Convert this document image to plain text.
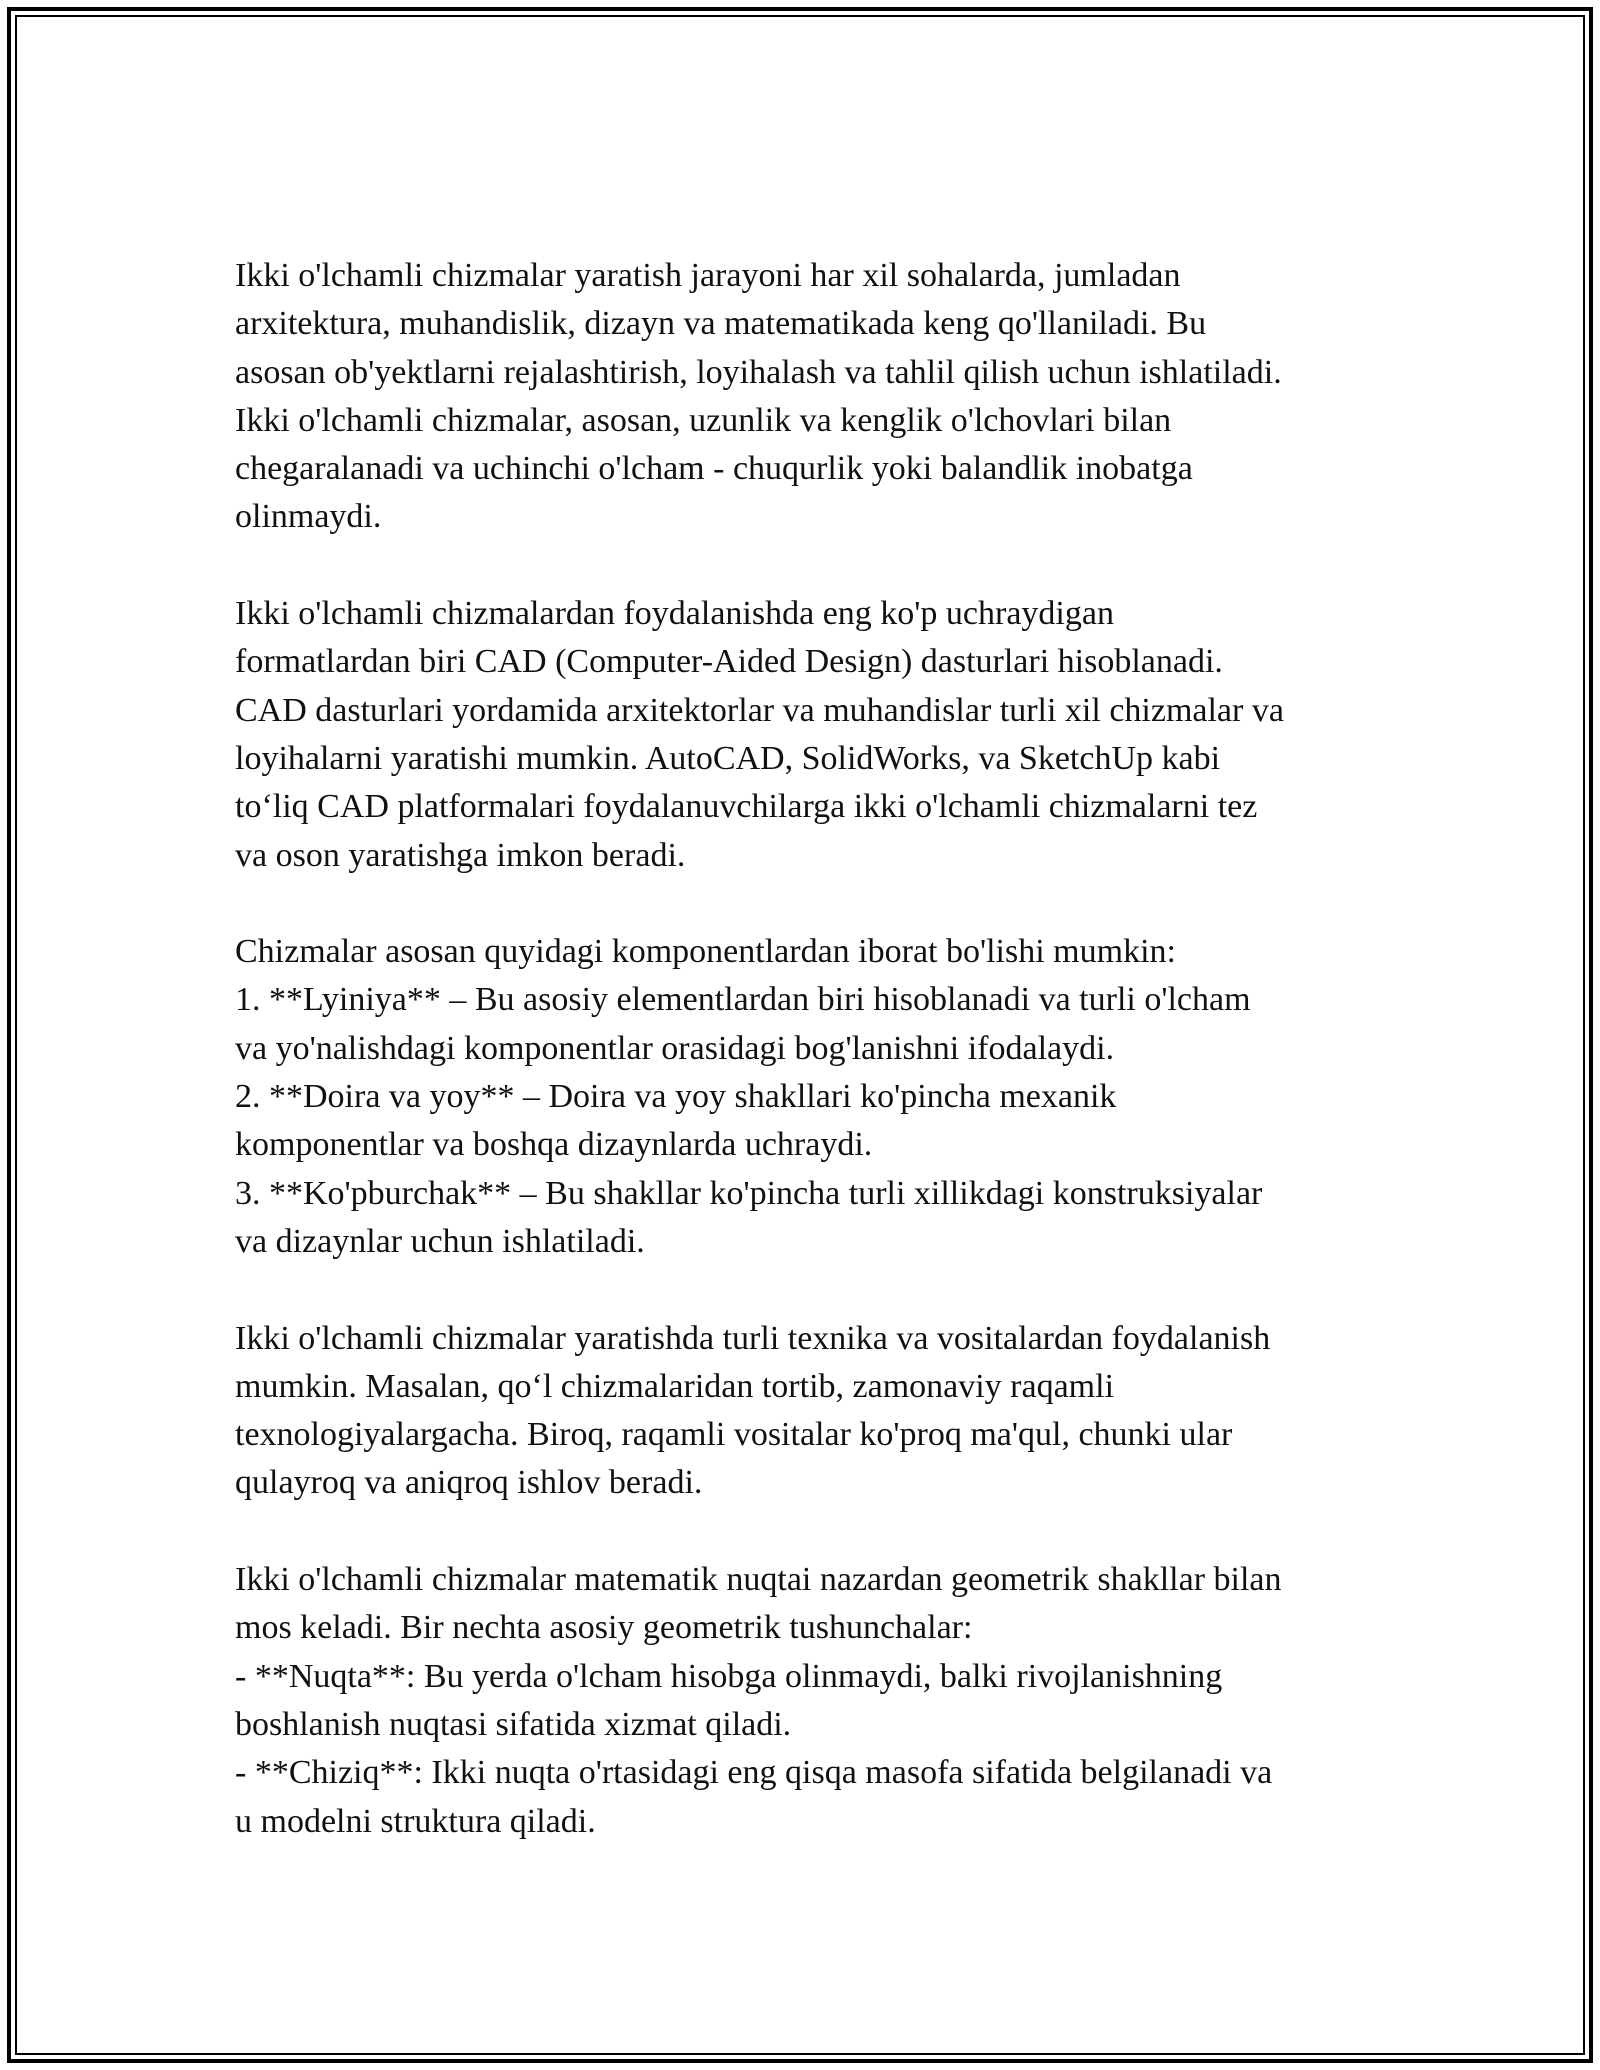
Ikki o'lchamli chizmalar yaratish jarayoni har xil sohalarda, jumladan
arxitektura, muhandislik, dizayn va matematikada keng qo'llaniladi. Bu
asosan ob'yektlarni rejalashtirish, loyihalash va tahlil qilish uchun ishlatiladi.
Ikki o'lchamli chizmalar, asosan, uzunlik va kenglik o'lchovlari bilan
chegaralanadi va uchinchi o'lcham - chuqurlik yoki balandlik inobatga
olinmaydi.

Ikki o'lchamli chizmalardan foydalanishda eng ko'p uchraydigan
formatlardan biri CAD (Computer-Aided Design) dasturlari hisoblanadi.
CAD dasturlari yordamida arxitektorlar va muhandislar turli xil chizmalar va
loyihalarni yaratishi mumkin. AutoCAD, SolidWorks, va SketchUp kabi
to‘liq CAD platformalari foydalanuvchilarga ikki o'lchamli chizmalarni tez
va oson yaratishga imkon beradi.

Chizmalar asosan quyidagi komponentlardan iborat bo'lishi mumkin:
1. **Lyiniya** – Bu asosiy elementlardan biri hisoblanadi va turli o'lcham
va yo'nalishdagi komponentlar orasidagi bog'lanishni ifodalaydi.
2. **Doira va yoy** – Doira va yoy shakllari ko'pincha mexanik
komponentlar va boshqa dizaynlarda uchraydi.
3. **Ko'pburchak** – Bu shakllar ko'pincha turli xillikdagi konstruksiyalar
va dizaynlar uchun ishlatiladi.

Ikki o'lchamli chizmalar yaratishda turli texnika va vositalardan foydalanish
mumkin. Masalan, qo‘l chizmalaridan tortib, zamonaviy raqamli
texnologiyalargacha. Biroq, raqamli vositalar ko'proq ma'qul, chunki ular
qulayroq va aniqroq ishlov beradi.

Ikki o'lchamli chizmalar matematik nuqtai nazardan geometrik shakllar bilan
mos keladi. Bir nechta asosiy geometrik tushunchalar:
- **Nuqta**: Bu yerda o'lcham hisobga olinmaydi, balki rivojlanishning
boshlanish nuqtasi sifatida xizmat qiladi.
- **Chiziq**: Ikki nuqta o'rtasidagi eng qisqa masofa sifatida belgilanadi va
u modelni struktura qiladi.
